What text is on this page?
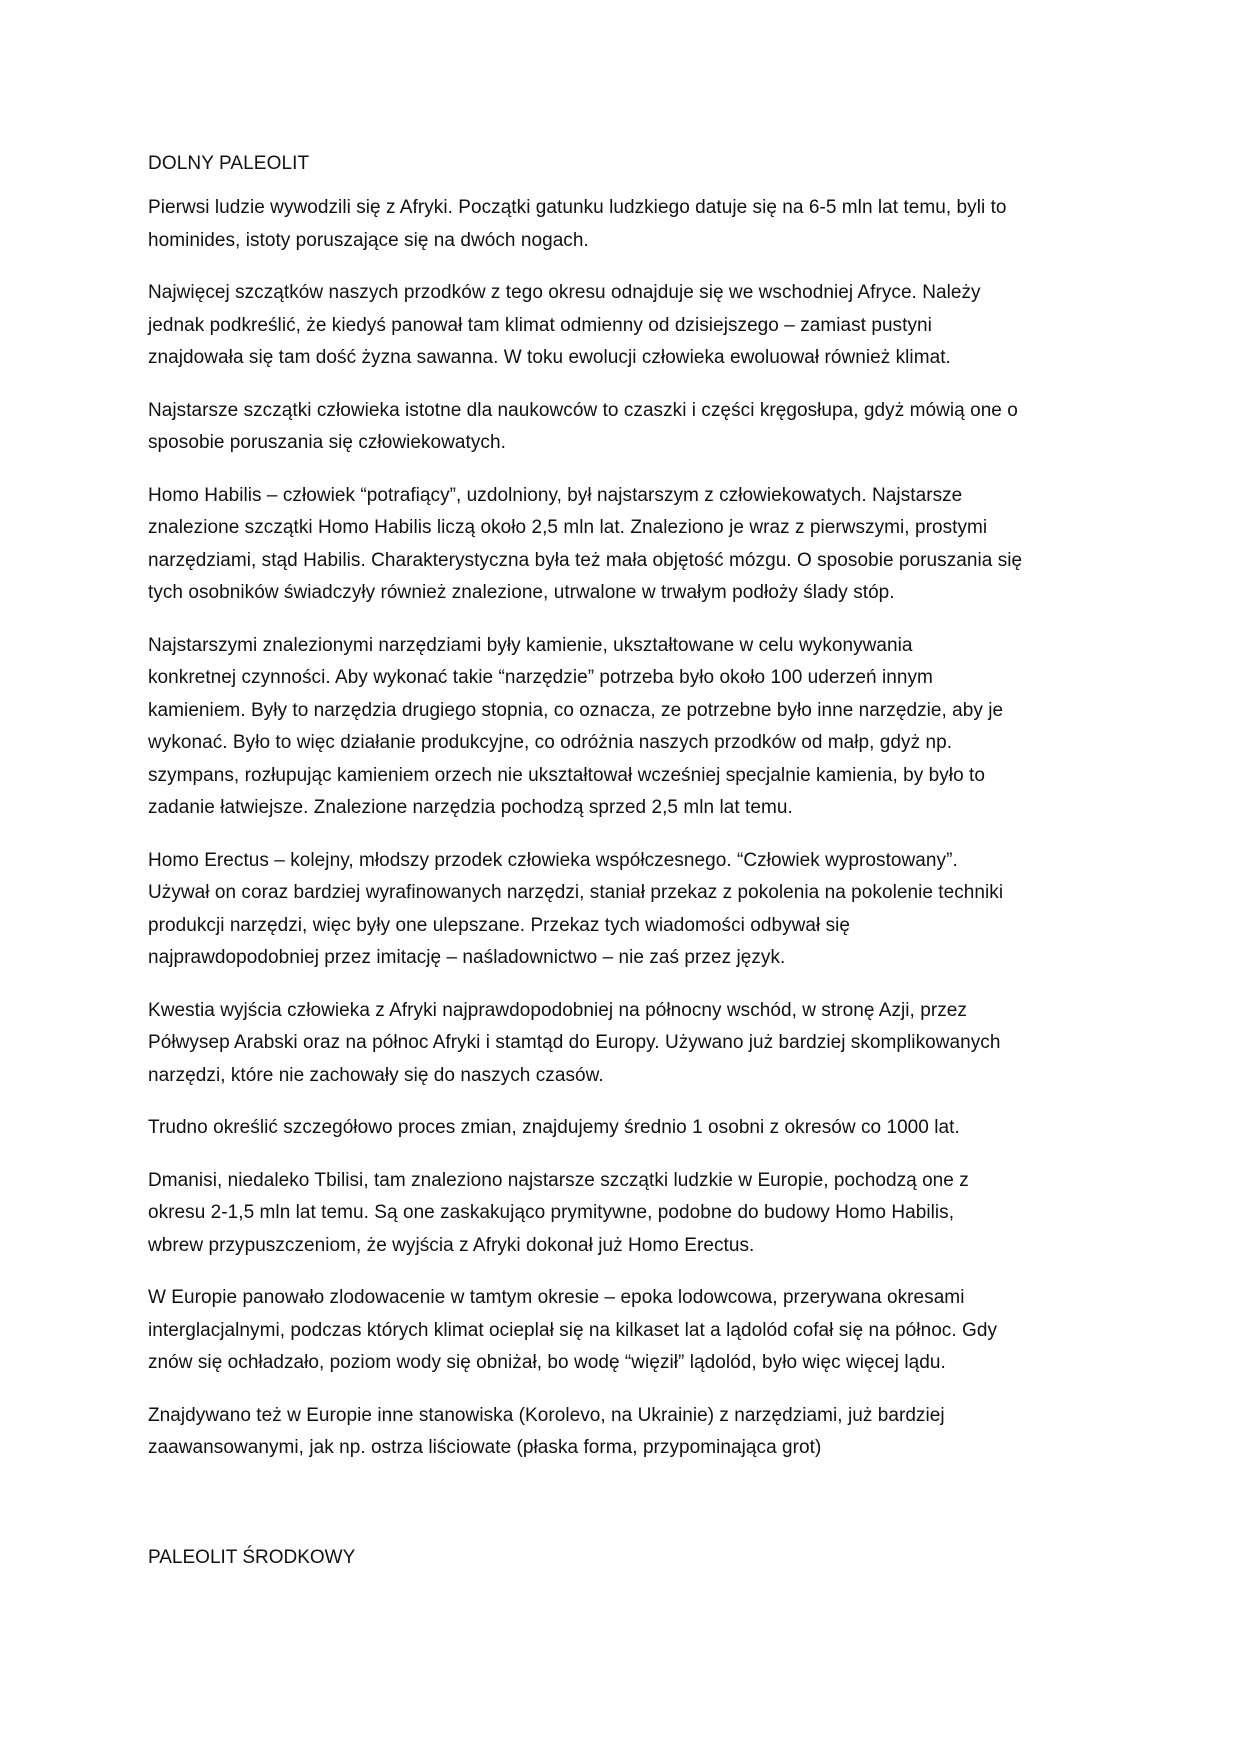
DOLNY PALEOLIT
Pierwsi ludzie wywodzili się z Afryki. Początki gatunku ludzkiego datuje się na 6-5 mln lat temu, byli to
hominides, istoty poruszające się na dwóch nogach.
Najwięcej szczątków naszych przodków z tego okresu odnajduje się we wschodniej Afryce. Należy
jednak podkreślić, że kiedyś panował tam klimat odmienny od dzisiejszego – zamiast pustyni
znajdowała się tam dość żyzna sawanna. W toku ewolucji człowieka ewoluował również klimat.
Najstarsze szczątki człowieka istotne dla naukowców to czaszki i części kręgosłupa, gdyż mówią one o
sposobie poruszania się człowiekowatych.
Homo Habilis – człowiek “potrafiący”, uzdolniony, był najstarszym z człowiekowatych. Najstarsze
znalezione szczątki Homo Habilis liczą około 2,5 mln lat. Znaleziono je wraz z pierwszymi, prostymi
narzędziami, stąd Habilis. Charakterystyczna była też mała objętość mózgu. O sposobie poruszania się
tych osobników świadczyły również znalezione, utrwalone w trwałym podłoży ślady stóp.
Najstarszymi znalezionymi narzędziami były kamienie, ukształtowane w celu wykonywania
konkretnej czynności. Aby wykonać takie “narzędzie” potrzeba było około 100 uderzeń innym
kamieniem. Były to narzędzia drugiego stopnia, co oznacza, ze potrzebne było inne narzędzie, aby je
wykonać. Było to więc działanie produkcyjne, co odróżnia naszych przodków od małp, gdyż np.
szympans, rozłupując kamieniem orzech nie ukształtował wcześniej specjalnie kamienia, by było to
zadanie łatwiejsze. Znalezione narzędzia pochodzą sprzed 2,5 mln lat temu.
Homo Erectus – kolejny, młodszy przodek człowieka współczesnego. “Człowiek wyprostowany”.
Używał on coraz bardziej wyrafinowanych narzędzi, staniał przekaz z pokolenia na pokolenie techniki
produkcji narzędzi, więc były one ulepszane. Przekaz tych wiadomości odbywał się
najprawdopodobniej przez imitację – naśladownictwo – nie zaś przez język.
Kwestia wyjścia człowieka z Afryki najprawdopodobniej na północny wschód, w stronę Azji, przez
Półwysep Arabski oraz na północ Afryki i stamtąd do Europy. Używano już bardziej skomplikowanych
narzędzi, które nie zachowały się do naszych czasów.
Trudno określić szczegółowo proces zmian, znajdujemy średnio 1 osobni z okresów co 1000 lat.
Dmanisi, niedaleko Tbilisi, tam znaleziono najstarsze szczątki ludzkie w Europie, pochodzą one z
okresu 2-1,5 mln lat temu. Są one zaskakująco prymitywne, podobne do budowy Homo Habilis,
wbrew przypuszczeniom, że wyjścia z Afryki dokonał już Homo Erectus.
W Europie panowało zlodowacenie w tamtym okresie – epoka lodowcowa, przerywana okresami
interglacjalnymi, podczas których klimat ocieplał się na kilkaset lat a lądolód cofał się na północ. Gdy
znów się ochładzało, poziom wody się obniżał, bo wodę “więził” lądolód, było więc więcej lądu.
Znajdywano też w Europie inne stanowiska (Korolevo, na Ukrainie) z narzędziami, już bardziej
zaawansowanymi, jak np. ostrza liściowate (płaska forma, przypominająca grot)
PALEOLIT ŚRODKOWY
